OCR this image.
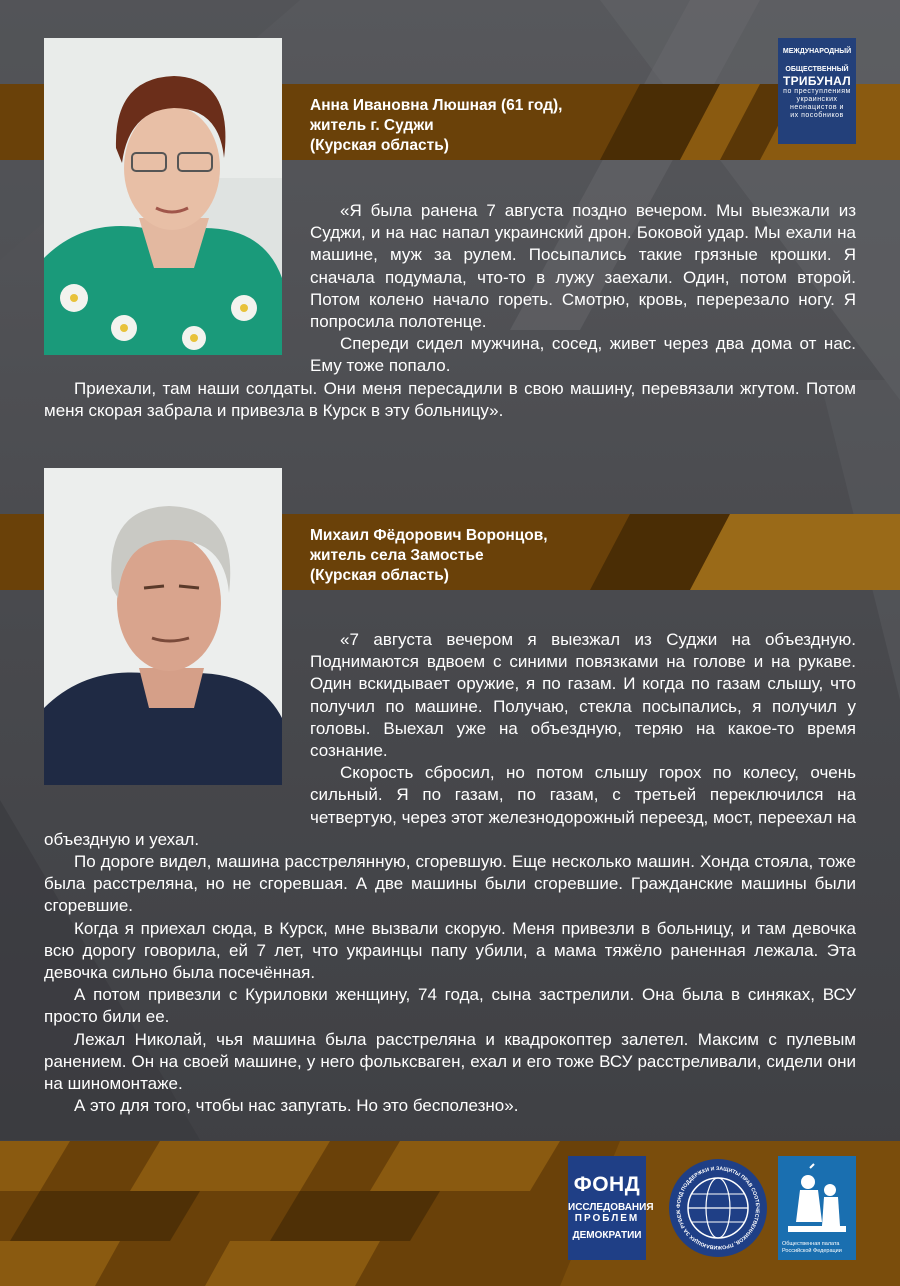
МЕЖДУНАРОДНЫЙ
ОБЩЕСТВЕННЫЙ
ТРИБУНАЛ
по преступлениям
украинских
неонацистов и
их пособников
Анна Ивановна Люшная (61 год),
житель г. Суджи
(Курская область)

«Я была ранена 7 августа поздно вечером. Мы выезжали из Суджи, и на нас напал украинский дрон. Боковой удар. Мы ехали на машине, муж за рулем. Посыпались такие грязные крошки. Я сначала подумала, что-то в лужу заехали. Один, потом второй. Потом колено начало гореть. Смотрю, кровь, перерезало ногу. Я попросила полотенце.

Спереди сидел мужчина, сосед, живет через два дома от нас. Ему тоже попало.

Приехали, там наши солдаты. Они меня пересадили в свою машину, перевязали жгутом. Потом меня скорая забрала и привезла в Курск в эту больницу».

Михаил Фёдорович Воронцов,
житель села Замостье
(Курская область)

«7 августа вечером я выезжал из Суджи на объездную. Поднимаются вдвоем с синими повязками на голове и на рукаве. Один вскидывает оружие, я по газам. И когда по газам слышу, что получил по машине. Получаю, стекла посыпались, я получил у головы. Выехал уже на объездную, теряю на какое-то время сознание.

Скорость сбросил, но потом слышу горох по колесу, очень сильный. Я по газам, по газам, с третьей переключился на четвертую, через этот железнодорожный переезд, мост, переехал на объездную и уехал.

По дороге видел, машина расстрелянную, сгоревшую. Еще несколько машин. Хонда стояла, тоже была расстреляна, но не сгоревшая. А две машины были сгоревшие. Гражданские машины были сгоревшие.

Когда я приехал сюда, в Курск, мне вызвали скорую. Меня привезли в больницу, и там девочка всю дорогу говорила, ей 7 лет, что украинцы папу убили, а мама тяжёло раненная лежала. Эта девочка сильно была посечённая.

А потом привезли с Куриловки женщину, 74 года, сына застрелили. Она была в синяках, ВСУ просто били ее.

Лежал Николай, чья машина была расстреляна и квадрокоптер залетел. Максим с пулевым ранением. Он на своей машине, у него фольксваген, ехал и его тоже ВСУ расстреливали, сидели они на шиномонтаже.

А это для того, чтобы нас запугать. Но это бесполезно».

ФОНД
ИССЛЕДОВАНИЯ
ПРОБЛЕМ
ДЕМОКРАТИИ
ФОНД ПОДДЕРЖКИ И ЗАЩИТЫ ПРАВ СООТЕЧЕСТВЕННИКОВ, ПРОЖИВАЮЩИХ ЗА РУБЕЖ
Общественная палата
Российской Федерации
